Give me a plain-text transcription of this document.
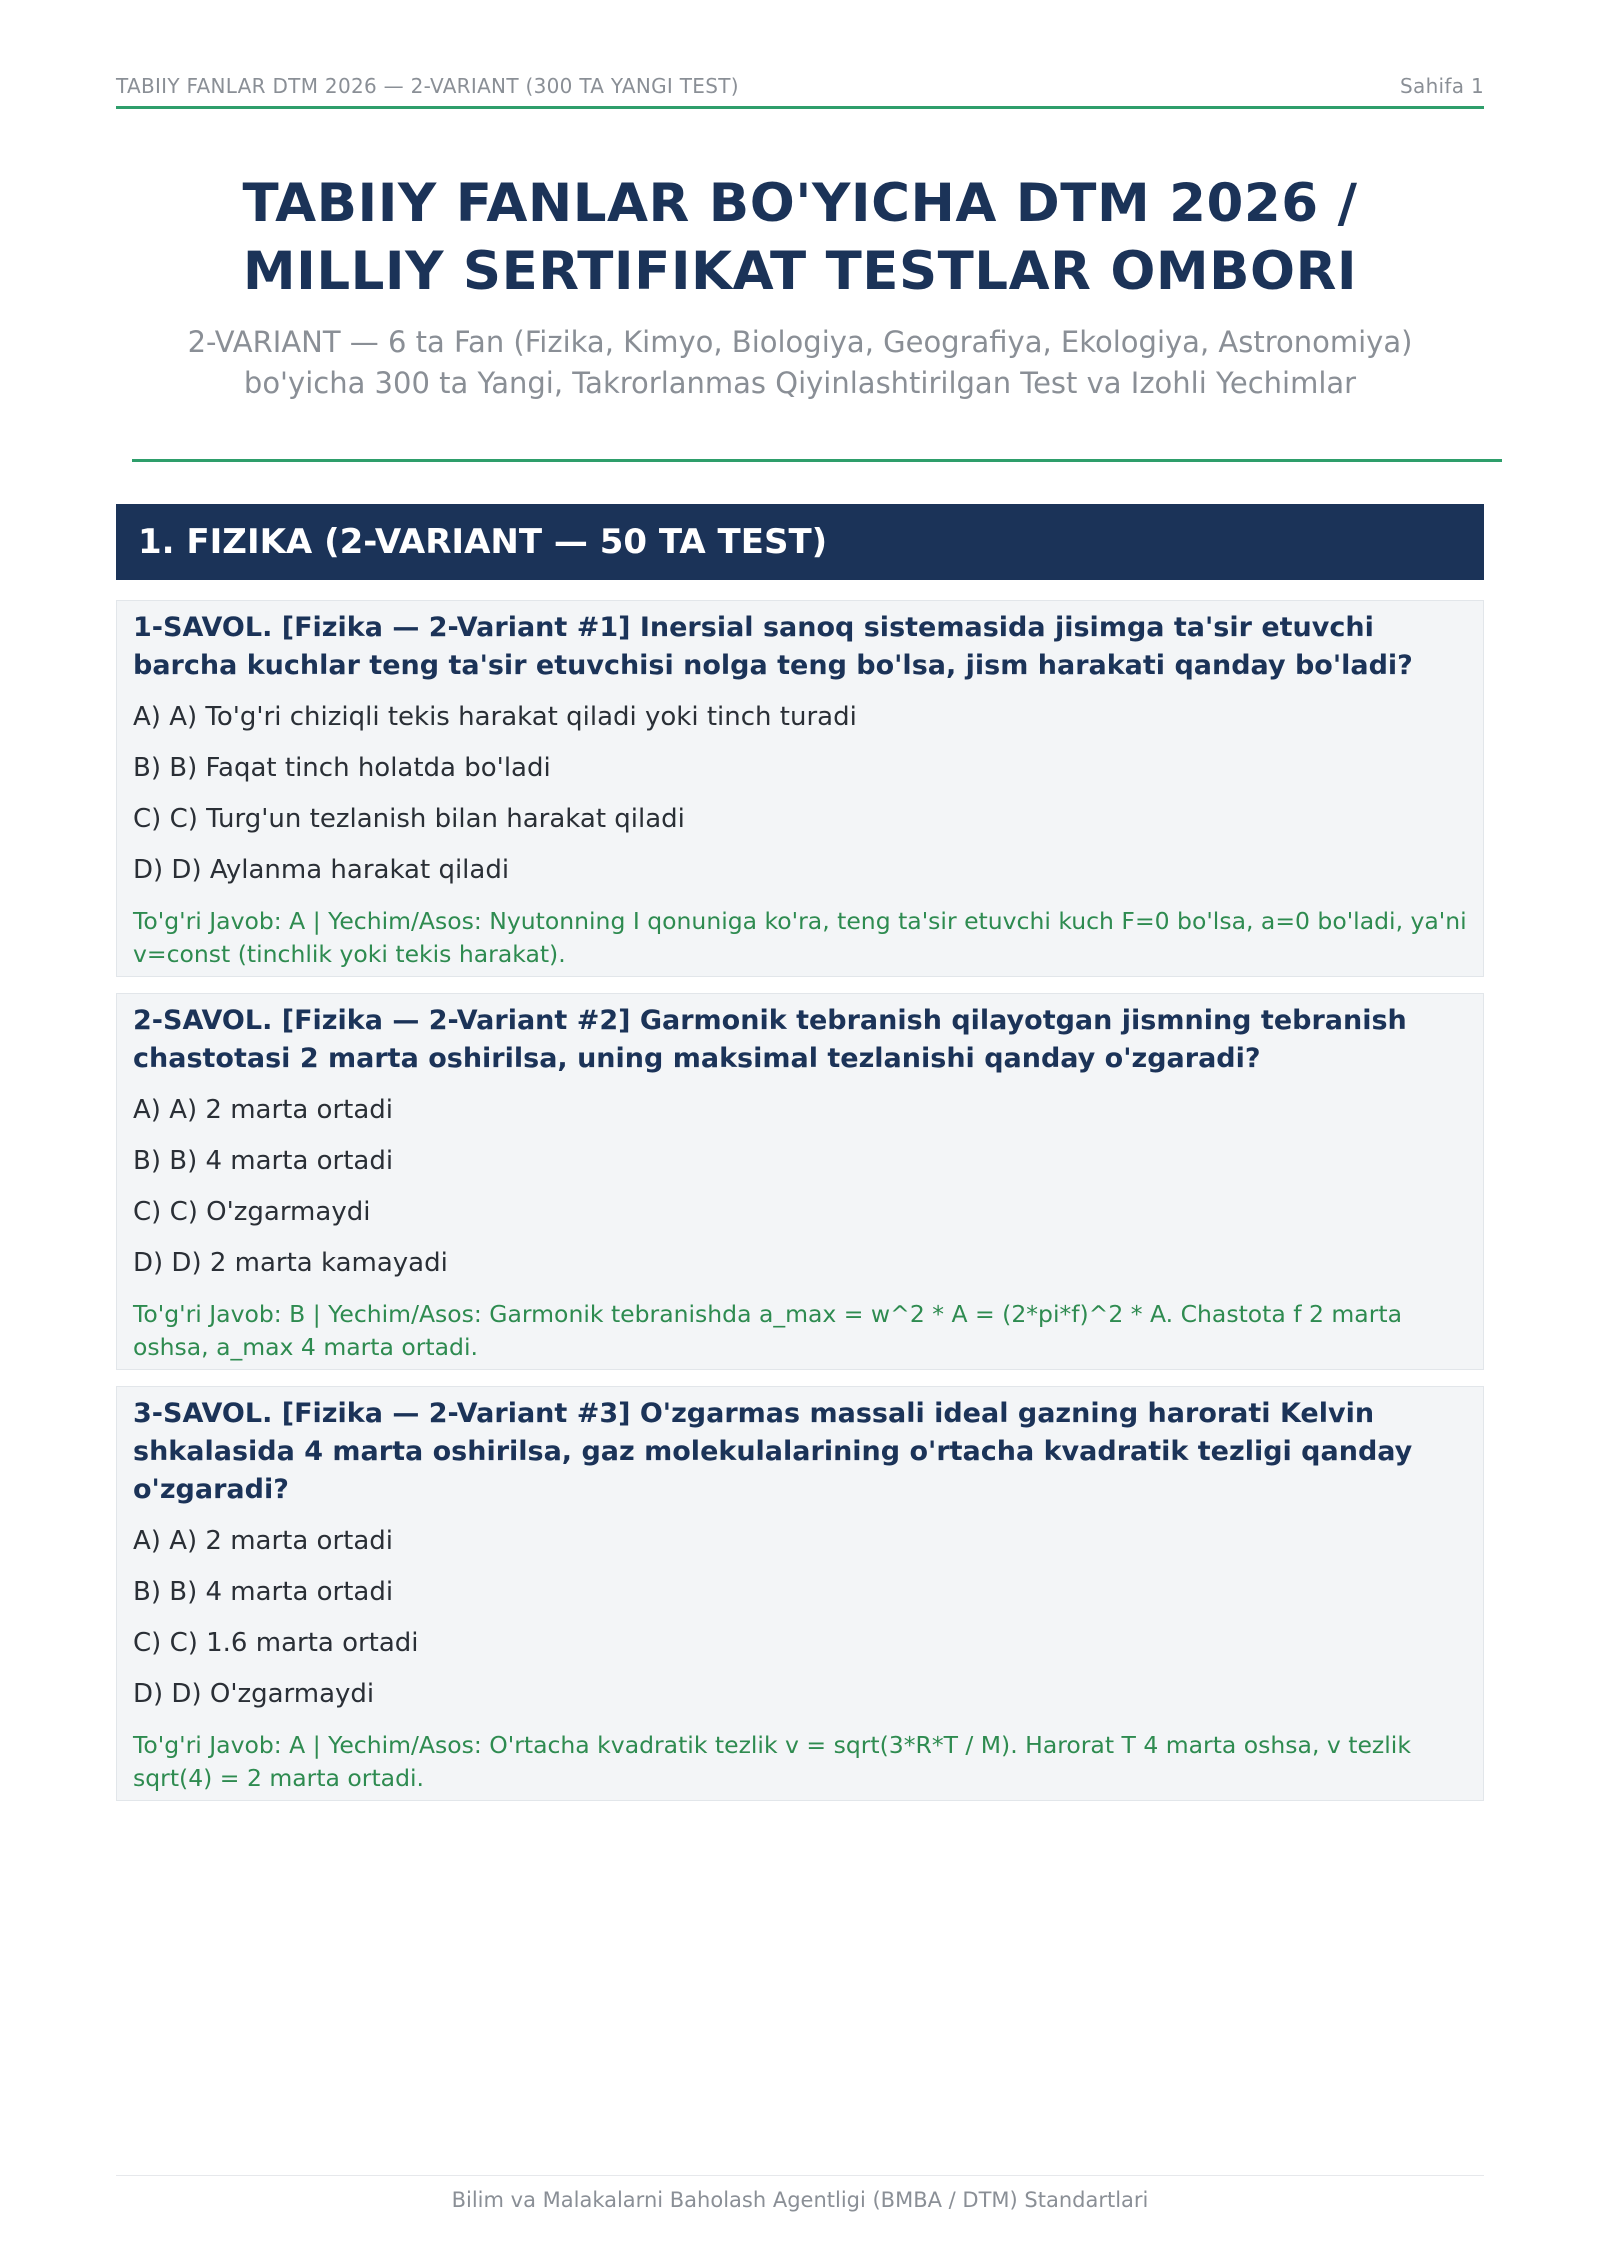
TABIIY FANLAR DTM 2026 — 2-VARIANT (300 TA YANGI TEST)	Sahifa 1
TABIIY FANLAR BO'YICHA DTM 2026 /
MILLIY SERTIFIKAT TESTLAR OMBORI
2-VARIANT — 6 ta Fan (Fizika, Kimyo, Biologiya, Geografiya, Ekologiya, Astronomiya)
bo'yicha 300 ta Yangi, Takrorlanmas Qiyinlashtirilgan Test va Izohli Yechimlar
1. FIZIKA (2-VARIANT — 50 TA TEST)

1-SAVOL. [Fizika — 2-Variant #1] Inersial sanoq sistemasida jisimga ta'sir etuvchi barcha kuchlar teng ta'sir etuvchisi nolga teng bo'lsa, jism harakati qanday bo'ladi?

A) A) To'g'ri chiziqli tekis harakat qiladi yoki tinch turadi
B) B) Faqat tinch holatda bo'ladi
C) C) Turg'un tezlanish bilan harakat qiladi
D) D) Aylanma harakat qiladi
To'g'ri Javob: A | Yechim/Asos: Nyutonning I qonuniga ko'ra, teng ta'sir etuvchi kuch F=0 bo'lsa, a=0 bo'ladi, ya'ni v=const (tinchlik yoki tekis harakat).

2-SAVOL. [Fizika — 2-Variant #2] Garmonik tebranish qilayotgan jismning tebranish chastotasi 2 marta oshirilsa, uning maksimal tezlanishi qanday o'zgaradi?

A) A) 2 marta ortadi
B) B) 4 marta ortadi
C) C) O'zgarmaydi
D) D) 2 marta kamayadi
To'g'ri Javob: B | Yechim/Asos: Garmonik tebranishda a_max = w^2 * A = (2*pi*f)^2 * A. Chastota f 2 marta oshsa, a_max 4 marta ortadi.

3-SAVOL. [Fizika — 2-Variant #3] O'zgarmas massali ideal gazning harorati Kelvin shkalasida 4 marta oshirilsa, gaz molekulalarining o'rtacha kvadratik tezligi qanday o'zgaradi?

A) A) 2 marta ortadi
B) B) 4 marta ortadi
C) C) 1.6 marta ortadi
D) D) O'zgarmaydi
To'g'ri Javob: A | Yechim/Asos: O'rtacha kvadratik tezlik v = sqrt(3*R*T / M). Harorat T 4 marta oshsa, v tezlik sqrt(4) = 2 marta ortadi.
Bilim va Malakalarni Baholash Agentligi (BMBA / DTM) Standartlari
